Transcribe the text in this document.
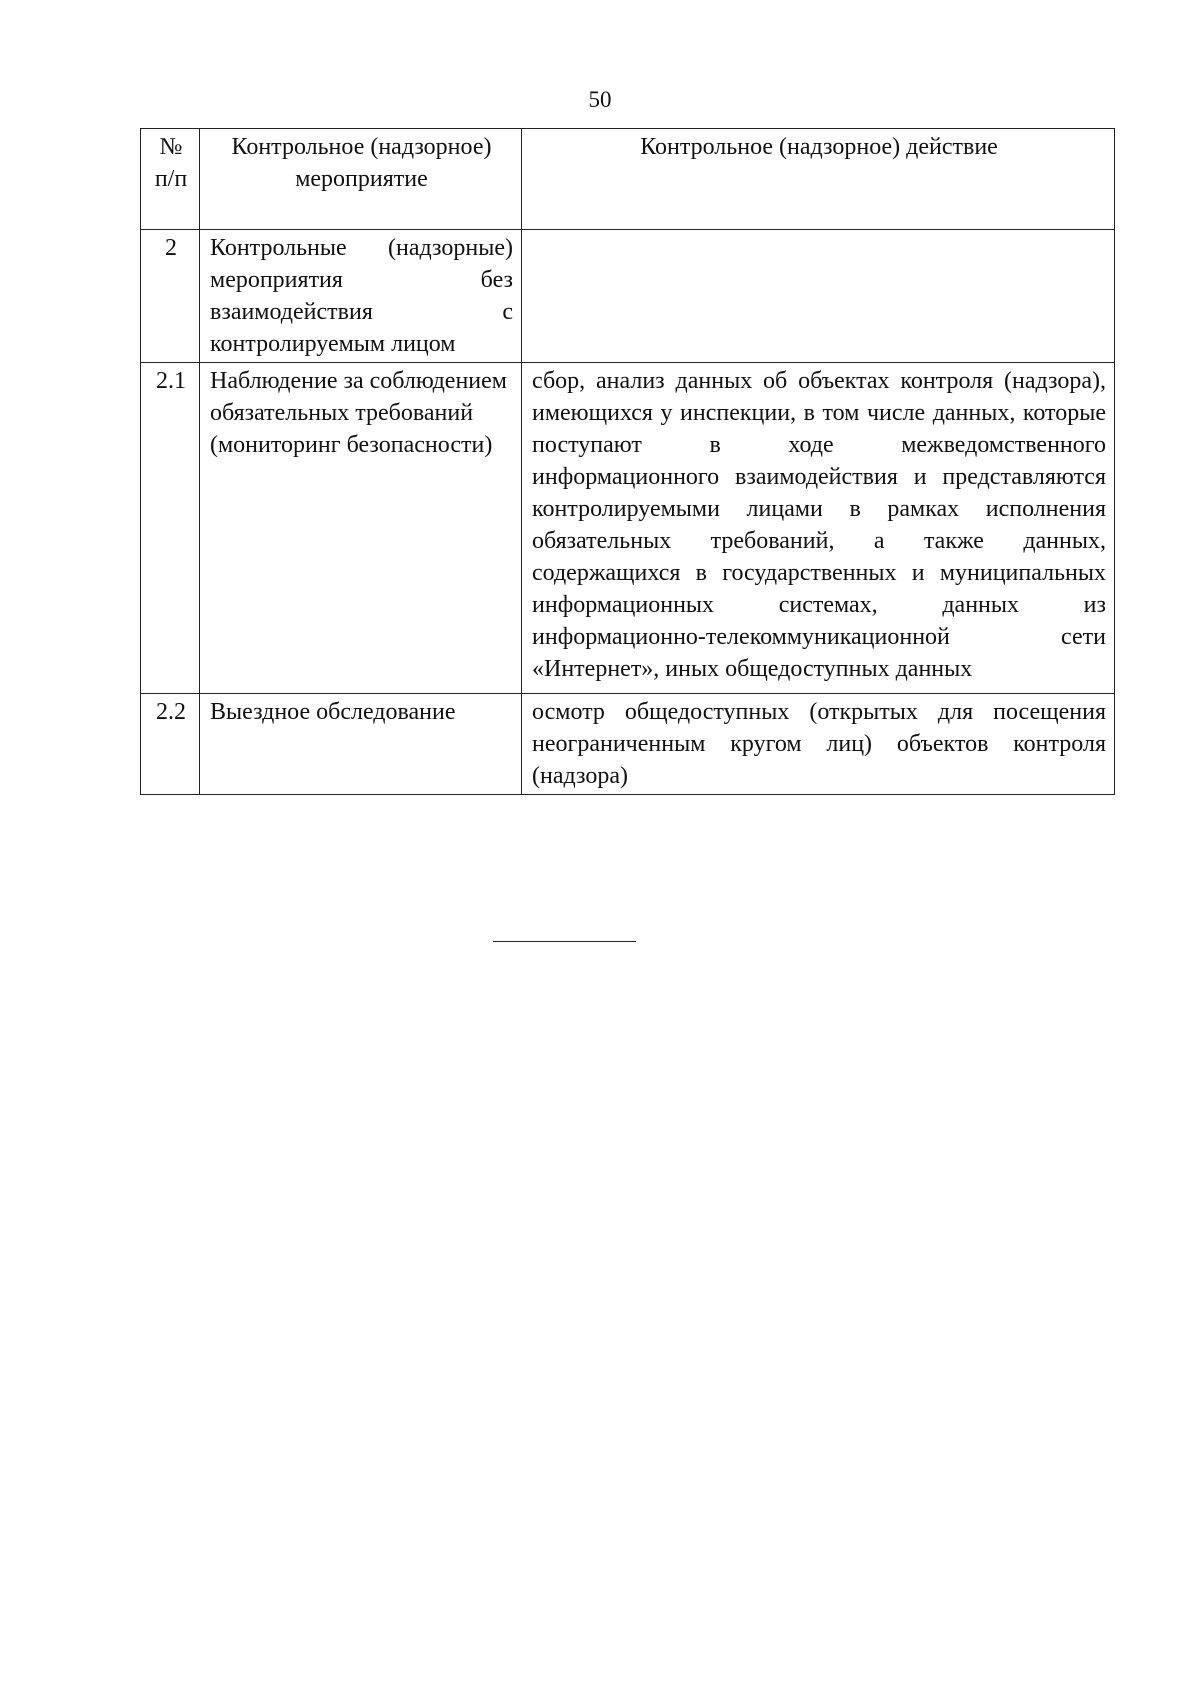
50
№ п/п	Контрольное (надзорное) мероприятие	Контрольное (надзорное) действие
2	Контрольные (надзорные) мероприятия без взаимодействия с контролируемым лицом	
2.1	Наблюдение за соблюдением обязательных требований (мониторинг безопасности)	сбор, анализ данных об объектах контроля (надзора), имеющихся у инспекции, в том числе данных, которые поступают в ходе межведомственного информационного взаимодействия и представляются контролируемыми лицами в рамках исполнения обязательных требований, а также данных, содержащихся в государственных и муниципальных информационных системах, данных из информационно-телекоммуникационной сети «Интернет», иных общедоступных данных
2.2	Выездное обследование	осмотр общедоступных (открытых для посещения неограниченным кругом лиц) объектов контроля (надзора)
